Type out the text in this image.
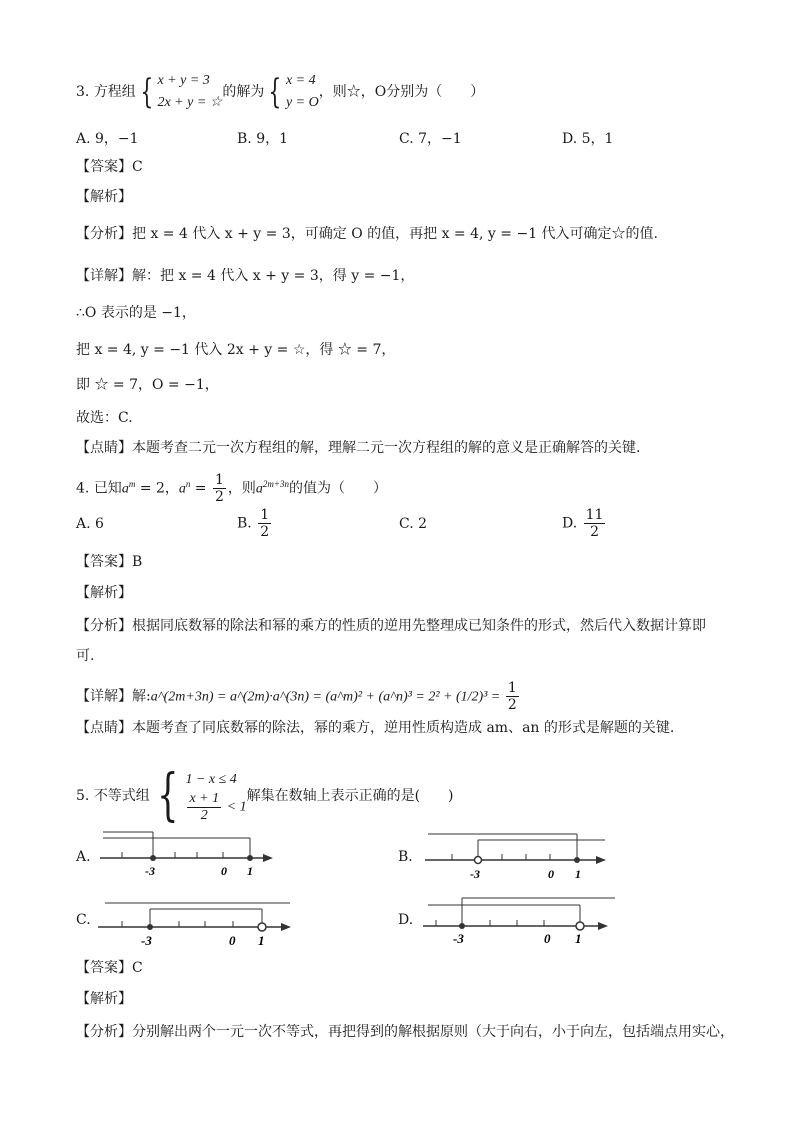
3. 方程组 { x + y = 3
2x + y = ☆的解为 { x = 4
y = O，则☆，O分别为（　　）
A. 9，−1	B. 9，1	C. 7，−1	D. 5，1
【答案】C
【解析】
【分析】把 x = 4 代入 x + y = 3，可确定 O 的值，再把 x = 4, y = −1 代入可确定☆的值.
【详解】解：把 x = 4 代入 x + y = 3，得 y = −1，
∴O 表示的是 −1，
把 x = 4, y = −1 代入 2x + y = ☆，得 ☆ = 7，
即 ☆ = 7，O = −1，
故选：C.
【点睛】本题考查二元一次方程组的解，理解二元一次方程组的解的意义是正确解答的关键.
4. 已知$a^m = 2$，$a^n = \frac{1}{2}$ ，则$a^{2m+3n}$的值为（　　）
A. 6	B. $\frac{1}{2}$	C. 2	D. $\frac{11}{2}$
【答案】B
【解析】
【分析】根据同底数幂的除法和幂的乘方的性质的逆用先整理成已知条件的形式，然后代入数据计算即
可.
【详解】解:a^(2m+3n) = a^(2m)·a^(3n) = (a^m)² + (a^n)³ = $2^2 + (1/2)^3 = \frac{1}{2}$
【点睛】本题考查了同底数幂的除法，幂的乘方，逆用性质构造成 am、an 的形式是解题的关键.
5. 不等式组 { 1 − x ≤ 4

$\frac{x + 1}{2} < 1$解集在数轴上表示正确的是(　　)
A.
-3	0 1
B.
-3	0 1
C.
-3	0 1
D.
-3	0 1
【答案】C
【解析】
【分析】分别解出两个一元一次不等式，再把得到的解根据原则（大于向右，小于向左，包括端点用实心，
